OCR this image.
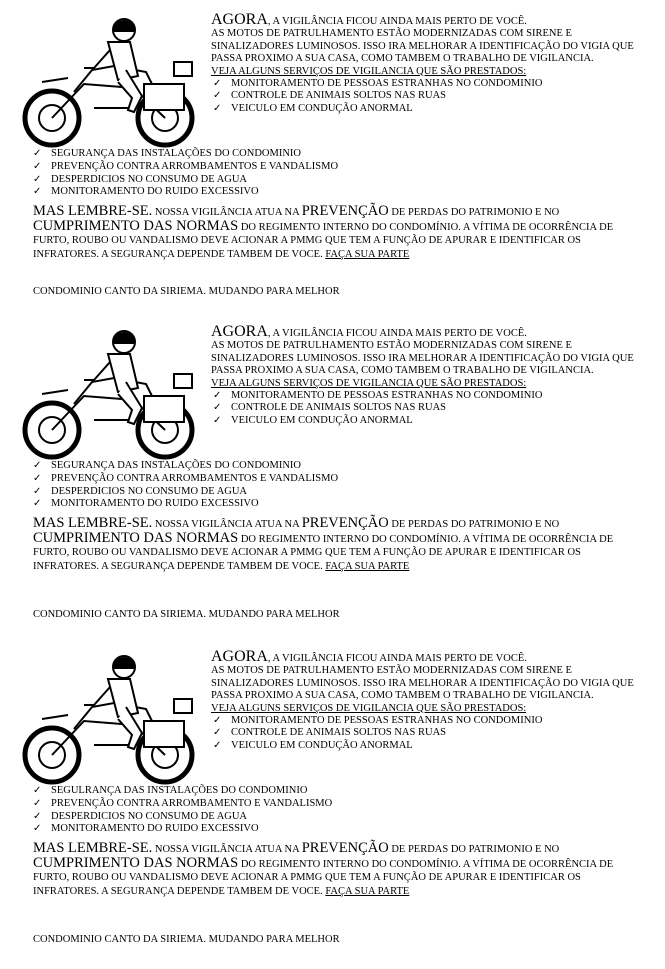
AGORA, A VIGILÂNCIA FICOU AINDA MAIS PERTO DE VOCÊ.
AS MOTOS DE PATRULHAMENTO ESTÃO MODERNIZADAS COM SIRENE E SINALIZADORES LUMINOSOS. ISSO IRA MELHORAR A IDENTIFICAÇÃO DO VIGIA QUE PASSA PROXIMO A SUA CASA, COMO TAMBEM O TRABALHO DE VIGILANCIA.

VEJA ALGUNS SERVIÇOS DE VIGILANCIA QUE SÃO PRESTADOS:
✓ MONITORAMENTO DE PESSOAS ESTRANHAS NO CONDOMINIO
✓ CONTROLE DE ANIMAIS SOLTOS NAS RUAS
✓ VEICULO EM CONDUÇÃO ANORMAL
✓ SEGURANÇA DAS INSTALAÇÕES DO CONDOMINIO
✓ PREVENÇÃO CONTRA ARROMBAMENTOS E VANDALISMO
✓ DESPERDICIOS NO CONSUMO DE AGUA
✓ MONITORAMENTO DO RUIDO EXCESSIVO
MAS LEMBRE-SE. NOSSA VIGILÂNCIA ATUA NA PREVENÇÃO DE PERDAS DO PATRIMONIO E NO CUMPRIMENTO DAS NORMAS DO REGIMENTO INTERNO DO CONDOMÍNIO. A VÍTIMA DE OCORRÊNCIA DE FURTO, ROUBO OU VANDALISMO DEVE ACIONAR A PMMG QUE TEM A FUNÇÃO DE APURAR E IDENTIFICAR OS INFRATORES. A SEGURANÇA DEPENDE TAMBEM DE VOCE. FAÇA SUA PARTE
CONDOMINIO CANTO DA SIRIEMA. MUDANDO PARA MELHOR
AGORA, A VIGILÂNCIA FICOU AINDA MAIS PERTO DE VOCÊ.
AS MOTOS DE PATRULHAMENTO ESTÃO MODERNIZADAS COM SIRENE E SINALIZADORES LUMINOSOS. ISSO IRA MELHORAR A IDENTIFICAÇÃO DO VIGIA QUE PASSA PROXIMO A SUA CASA, COMO TAMBEM O TRABALHO DE VIGILANCIA.

VEJA ALGUNS SERVIÇOS DE VIGILANCIA QUE SÃO PRESTADOS:
✓ MONITORAMENTO DE PESSOAS ESTRANHAS NO CONDOMINIO
✓ CONTROLE DE ANIMAIS SOLTOS NAS RUAS
✓ VEICULO EM CONDUÇÃO ANORMAL
✓ SEGURANÇA DAS INSTALAÇÕES DO CONDOMINIO
✓ PREVENÇÃO CONTRA ARROMBAMENTOS E VANDALISMO
✓ DESPERDICIOS NO CONSUMO DE AGUA
✓ MONITORAMENTO DO RUIDO EXCESSIVO
MAS LEMBRE-SE. NOSSA VIGILÂNCIA ATUA NA PREVENÇÃO DE PERDAS DO PATRIMONIO E NO CUMPRIMENTO DAS NORMAS DO REGIMENTO INTERNO DO CONDOMÍNIO. A VÍTIMA DE OCORRÊNCIA DE FURTO, ROUBO OU VANDALISMO DEVE ACIONAR A PMMG QUE TEM A FUNÇÃO DE APURAR E IDENTIFICAR OS INFRATORES. A SEGURANÇA DEPENDE TAMBEM DE VOCE. FAÇA SUA PARTE
CONDOMINIO CANTO DA SIRIEMA. MUDANDO PARA MELHOR
AGORA, A VIGILÂNCIA FICOU AINDA MAIS PERTO DE VOCÊ.
AS MOTOS DE PATRULHAMENTO ESTÃO MODERNIZADAS COM SIRENE E SINALIZADORES LUMINOSOS. ISSO IRA MELHORAR A IDENTIFICAÇÃO DO VIGIA QUE PASSA PROXIMO A SUA CASA, COMO TAMBEM O TRABALHO DE VIGILANCIA.

VEJA ALGUNS SERVIÇOS DE VIGILANCIA QUE SÃO PRESTADOS:
✓ MONITORAMENTO DE PESSOAS ESTRANHAS NO CONDOMINIO
✓ CONTROLE DE ANIMAIS SOLTOS NAS RUAS
✓ VEICULO EM CONDUÇÃO ANORMAL
✓ SEGULRANÇA DAS INSTALAÇÕES DO CONDOMINIO
✓ PREVENÇÃO CONTRA ARROMBAMENTO E VANDALISMO
✓ DESPERDICIOS NO CONSUMO DE AGUA
✓ MONITORAMENTO DO RUIDO EXCESSIVO
MAS LEMBRE-SE. NOSSA VIGILÂNCIA ATUA NA PREVENÇÃO DE PERDAS DO PATRIMONIO E NO CUMPRIMENTO DAS NORMAS DO REGIMENTO INTERNO DO CONDOMÍNIO. A VÍTIMA DE OCORRÊNCIA DE FURTO, ROUBO OU VANDALISMO DEVE ACIONAR A PMMG QUE TEM A FUNÇÃO DE APURAR E IDENTIFICAR OS INFRATORES. A SEGURANÇA DEPENDE TAMBEM DE VOCE. FAÇA SUA PARTE
CONDOMINIO CANTO DA SIRIEMA. MUDANDO PARA MELHOR
